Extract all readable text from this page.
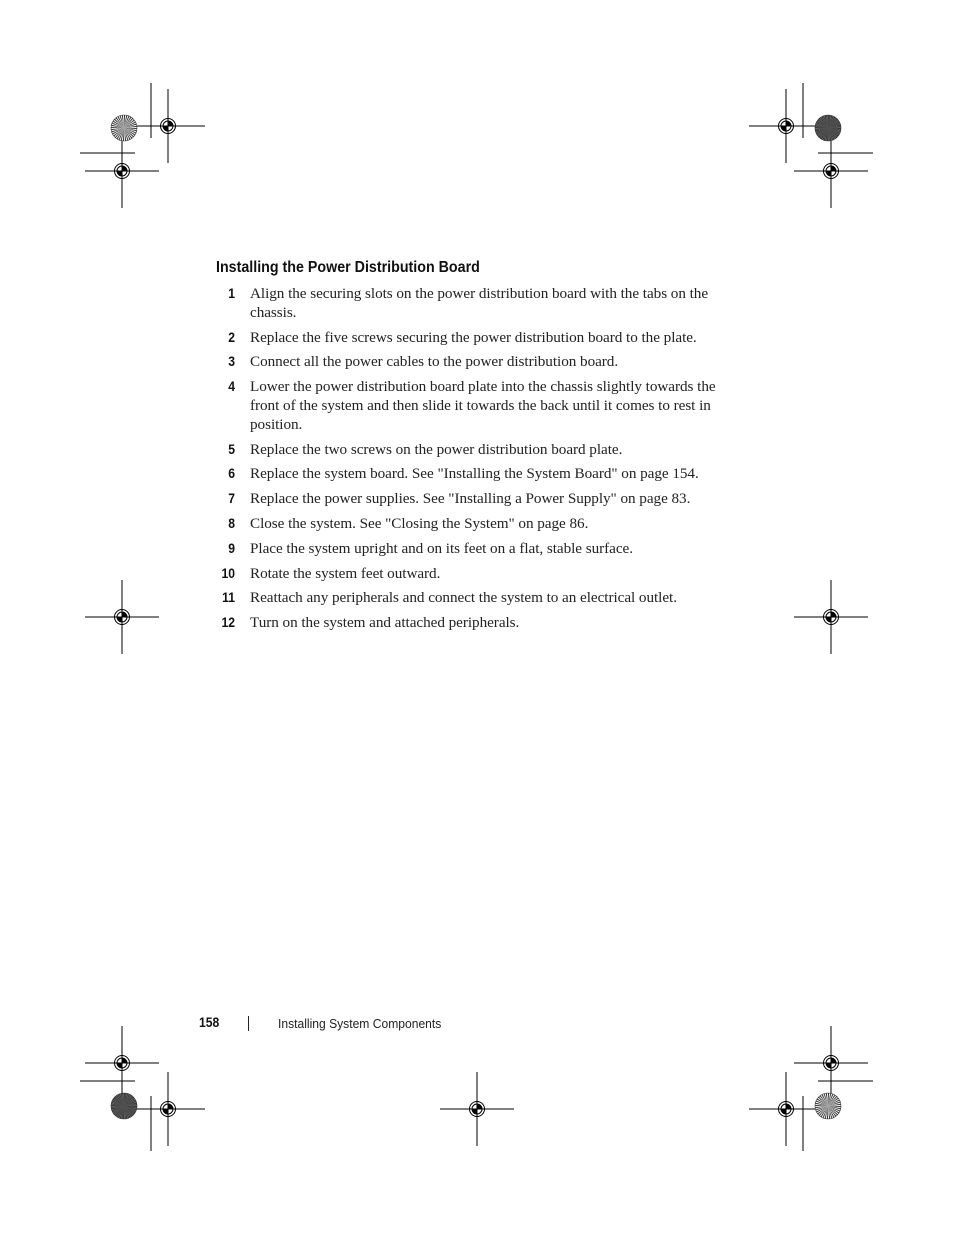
Installing the Power Distribution Board
1 Align the securing slots on the power distribution board with the tabs on the chassis.
2 Replace the five screws securing the power distribution board to the plate.
3 Connect all the power cables to the power distribution board.
4 Lower the power distribution board plate into the chassis slightly towards the front of the system and then slide it towards the back until it comes to rest in position.
5 Replace the two screws on the power distribution board plate.
6 Replace the system board. See "Installing the System Board" on page 154.
7 Replace the power supplies. See "Installing a Power Supply" on page 83.
8 Close the system. See "Closing the System" on page 86.
9 Place the system upright and on its feet on a flat, stable surface.
10 Rotate the system feet outward.
11 Reattach any peripherals and connect the system to an electrical outlet.
12 Turn on the system and attached peripherals.
158	Installing System Components
